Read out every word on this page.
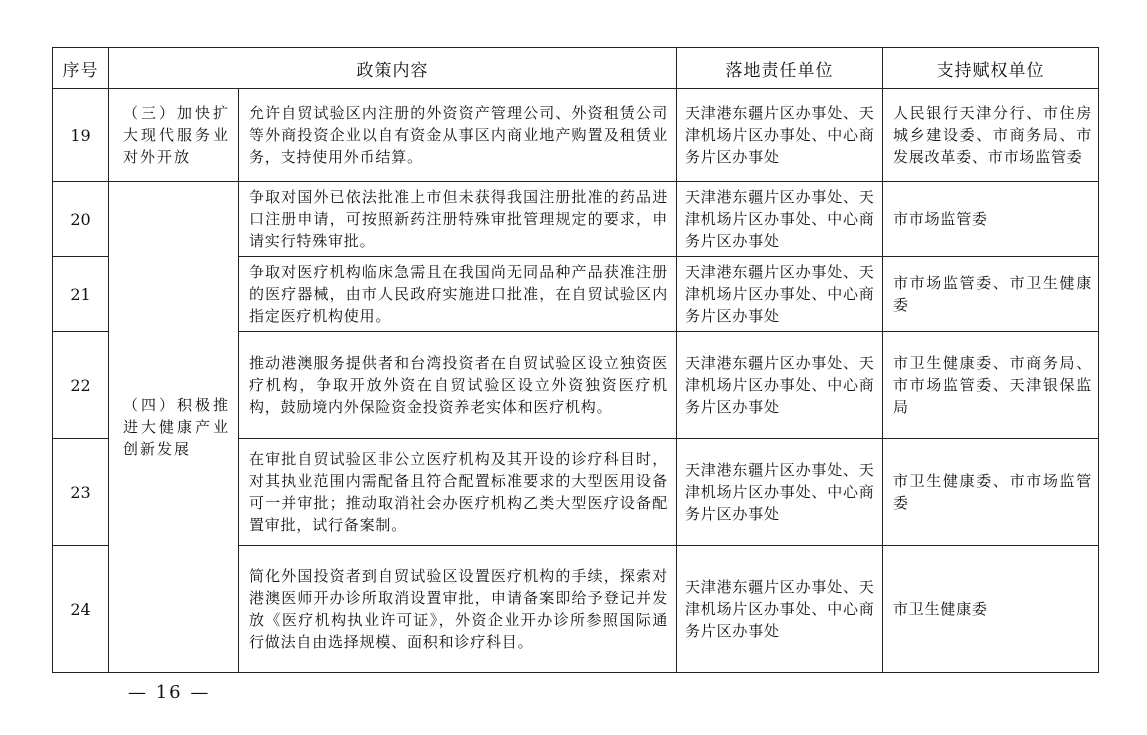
序号	政策内容		落地责任单位	支持赋权单位
19	（三）加快扩大现代服务业对外开放	允许自贸试验区内注册的外资资产管理公司、外资租赁公司等外商投资企业以自有资金从事区内商业地产购置及租赁业务，支持使用外币结算。	天津港东疆片区办事处、天津机场片区办事处、中心商务片区办事处	人民银行天津分行、市住房城乡建设委、市商务局、市发展改革委、市市场监管委
20	（四）积极推进大健康产业创新发展	争取对国外已依法批准上市但未获得我国注册批准的药品进口注册申请，可按照新药注册特殊审批管理规定的要求，申请实行特殊审批。	天津港东疆片区办事处、天津机场片区办事处、中心商务片区办事处	市市场监管委
21		争取对医疗机构临床急需且在我国尚无同品种产品获准注册的医疗器械，由市人民政府实施进口批准，在自贸试验区内指定医疗机构使用。	天津港东疆片区办事处、天津机场片区办事处、中心商务片区办事处	市市场监管委、市卫生健康委
22		推动港澳服务提供者和台湾投资者在自贸试验区设立独资医疗机构，争取开放外资在自贸试验区设立外资独资医疗机构，鼓励境内外保险资金投资养老实体和医疗机构。	天津港东疆片区办事处、天津机场片区办事处、中心商务片区办事处	市卫生健康委、市商务局、市市场监管委、天津银保监局
23		在审批自贸试验区非公立医疗机构及其开设的诊疗科目时，对其执业范围内需配备且符合配置标准要求的大型医用设备可一并审批；推动取消社会办医疗机构乙类大型医疗设备配置审批，试行备案制。	天津港东疆片区办事处、天津机场片区办事处、中心商务片区办事处	市卫生健康委、市市场监管委
24		简化外国投资者到自贸试验区设置医疗机构的手续，探索对港澳医师开办诊所取消设置审批，申请备案即给予登记并发放《医疗机构执业许可证》，外资企业开办诊所参照国际通行做法自由选择规模、面积和诊疗科目。	天津港东疆片区办事处、天津机场片区办事处、中心商务片区办事处	市卫生健康委
— 16 —
